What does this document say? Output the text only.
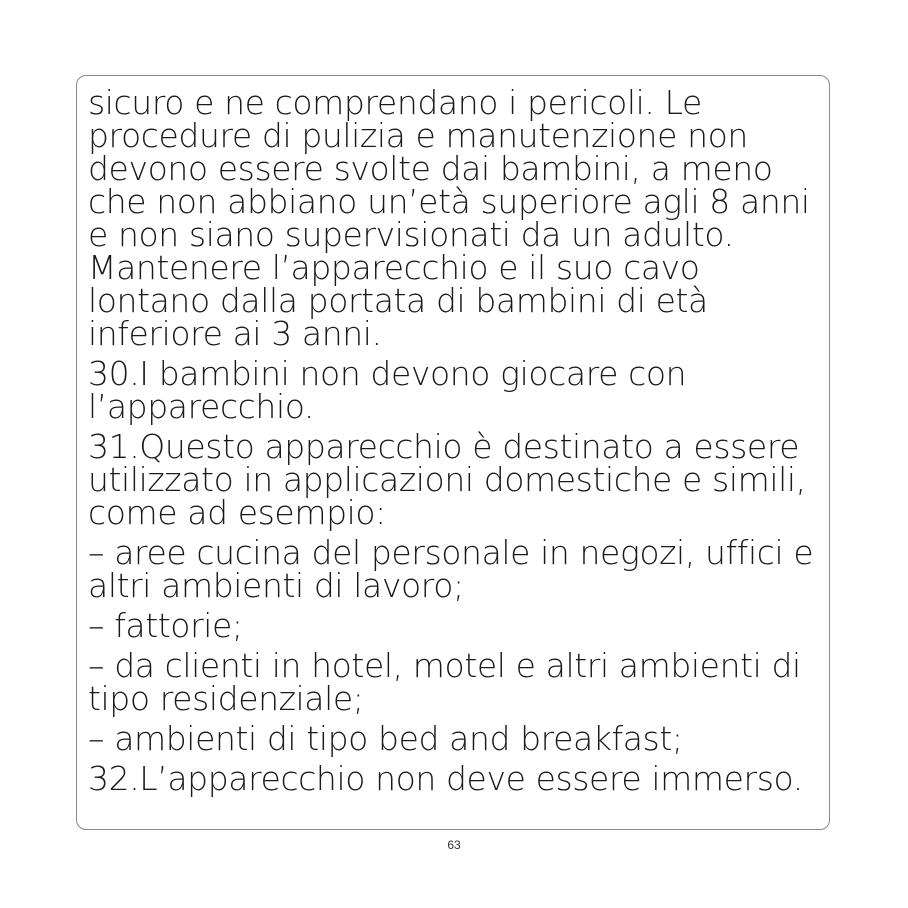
sicuro e ne comprendano i pericoli. Le
procedure di pulizia e manutenzione non
devono essere svolte dai bambini, a meno
che non abbiano un’età superiore agli 8 anni
e non siano supervisionati da un adulto.
Mantenere l’apparecchio e il suo cavo
lontano dalla portata di bambini di età
inferiore ai 3 anni.

30.I bambini non devono giocare con
l’apparecchio.

31.Questo apparecchio è destinato a essere
utilizzato in applicazioni domestiche e simili,
come ad esempio:

– aree cucina del personale in negozi, uffici e
altri ambienti di lavoro;

– fattorie;

– da clienti in hotel, motel e altri ambienti di
tipo residenziale;

– ambienti di tipo bed and breakfast;

32.L’apparecchio non deve essere immerso.

63
